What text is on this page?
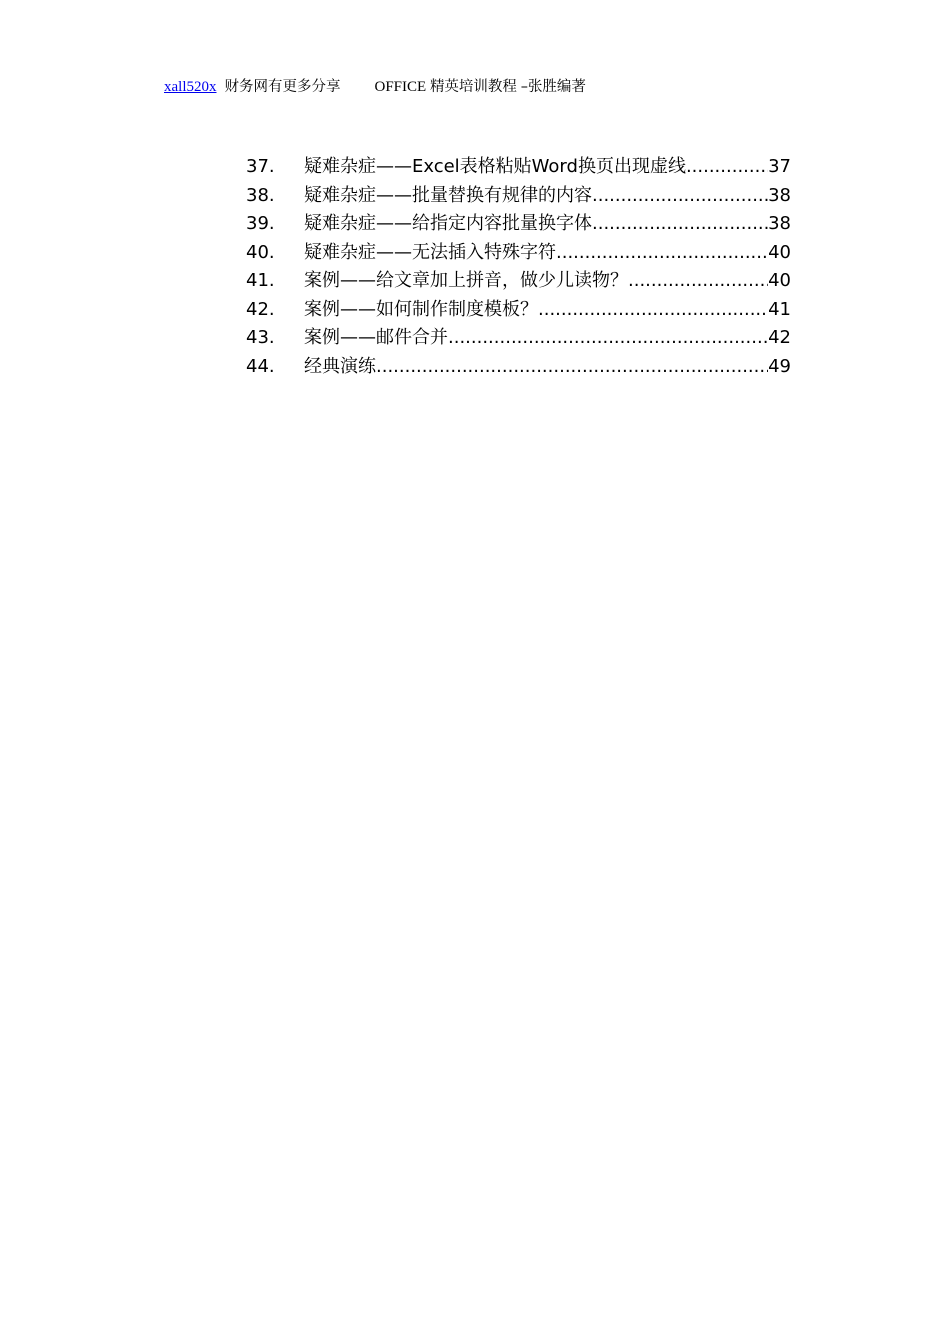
xall520x 财务网有更多分享 OFFICE 精英培训教程 –张胜编著
37.	疑难杂症——Excel表格粘贴Word换页出现虚线 .....	37
38.	疑难杂症——批量替换有规律的内容 .....	38
39.	疑难杂症——给指定内容批量换字体 .....	38
40.	疑难杂症——无法插入特殊字符 .....	40
41.	案例——给文章加上拼音，做少儿读物？ .....	40
42.	案例——如何制作制度模板？ .....	41
43.	案例——邮件合并 .....	42
44.	经典演练 .....	49
